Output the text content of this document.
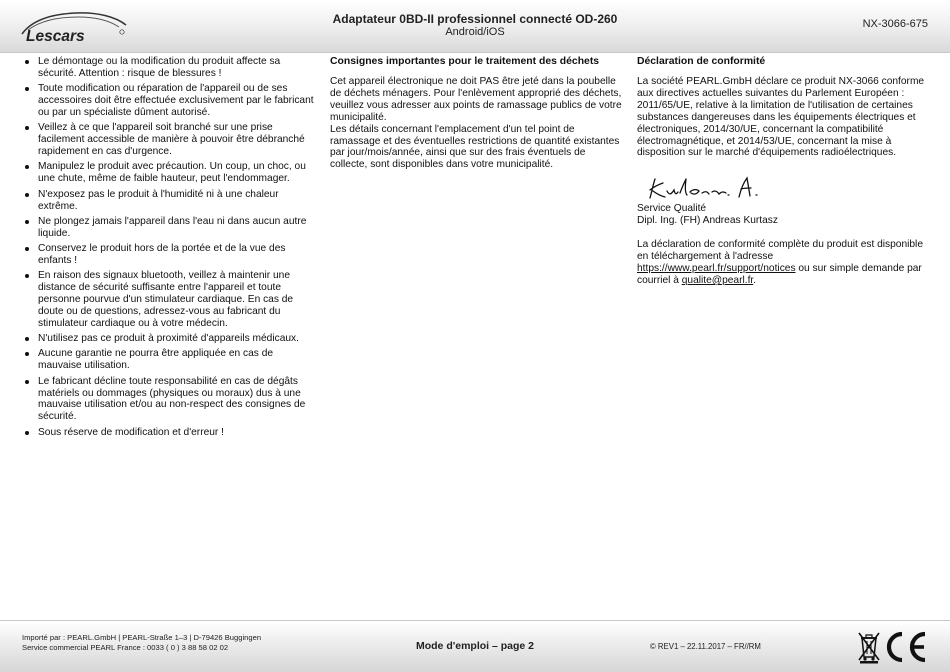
Lescars
Adaptateur 0BD-II professionnel connecté OD-260
Android/iOS
NX-3066-675
Le démontage ou la modification du produit affecte sa sécurité. Attention : risque de blessures !
Toute modification ou réparation de l'appareil ou de ses accessoires doit être effectuée exclusivement par le fabricant ou par un spécialiste dûment autorisé.
Veillez à ce que l'appareil soit branché sur une prise facilement accessible de manière à pouvoir être débranché rapidement en cas d'urgence.
Manipulez le produit avec précaution. Un coup, un choc, ou une chute, même de faible hauteur, peut l'endommager.
N'exposez pas le produit à l'humidité ni à une chaleur extrême.
Ne plongez jamais l'appareil dans l'eau ni dans aucun autre liquide.
Conservez le produit hors de la portée et de la vue des enfants !
En raison des signaux bluetooth, veillez à maintenir une distance de sécurité suffisante entre l'appareil et toute personne pourvue d'un stimulateur cardiaque. En cas de doute ou de questions, adressez-vous au fabricant du stimulateur cardiaque ou à votre médecin.
N'utilisez pas ce produit à proximité d'appareils médicaux.
Aucune garantie ne pourra être appliquée en cas de mauvaise utilisation.
Le fabricant décline toute responsabilité en cas de dégâts matériels ou dommages (physiques ou moraux) dus à une mauvaise utilisation et/ou au non-respect des consignes de sécurité.
Sous réserve de modification et d'erreur !
Consignes importantes pour le traitement des déchets

Cet appareil électronique ne doit PAS être jeté dans la poubelle de déchets ménagers. Pour l'enlèvement approprié des déchets, veuillez vous adresser aux points de ramassage publics de votre municipalité.

Les détails concernant l'emplacement d'un tel point de ramassage et des éventuelles restrictions de quantité existantes par jour/mois/année, ainsi que sur des frais éventuels de collecte, sont disponibles dans votre municipalité.

Déclaration de conformité

La société PEARL.GmbH déclare ce produit NX-3066 conforme aux directives actuelles suivantes du Parlement Européen : 2011/65/UE, relative à la limitation de l'utilisation de certaines substances dangereuses dans les équipements électriques et électroniques, 2014/30/UE, concernant la compatibilité électromagnétique, et 2014/53/UE, concernant la mise à disposition sur le marché d'équipements radioélectriques.

Service Qualité
Dipl. Ing. (FH) Andreas Kurtasz

La déclaration de conformité complète du produit est disponible en téléchargement à l'adresse https://www.pearl.fr/support/notices ou sur simple demande par courriel à qualite@pearl.fr.

Importé par : PEARL.GmbH | PEARL-Straße 1–3 | D-79426 Buggingen
Service commercial PEARL France : 0033 ( 0 ) 3 88 58 02 02	Mode d'emploi – page 2	© REV1 – 22.11.2017 – FR//RM
